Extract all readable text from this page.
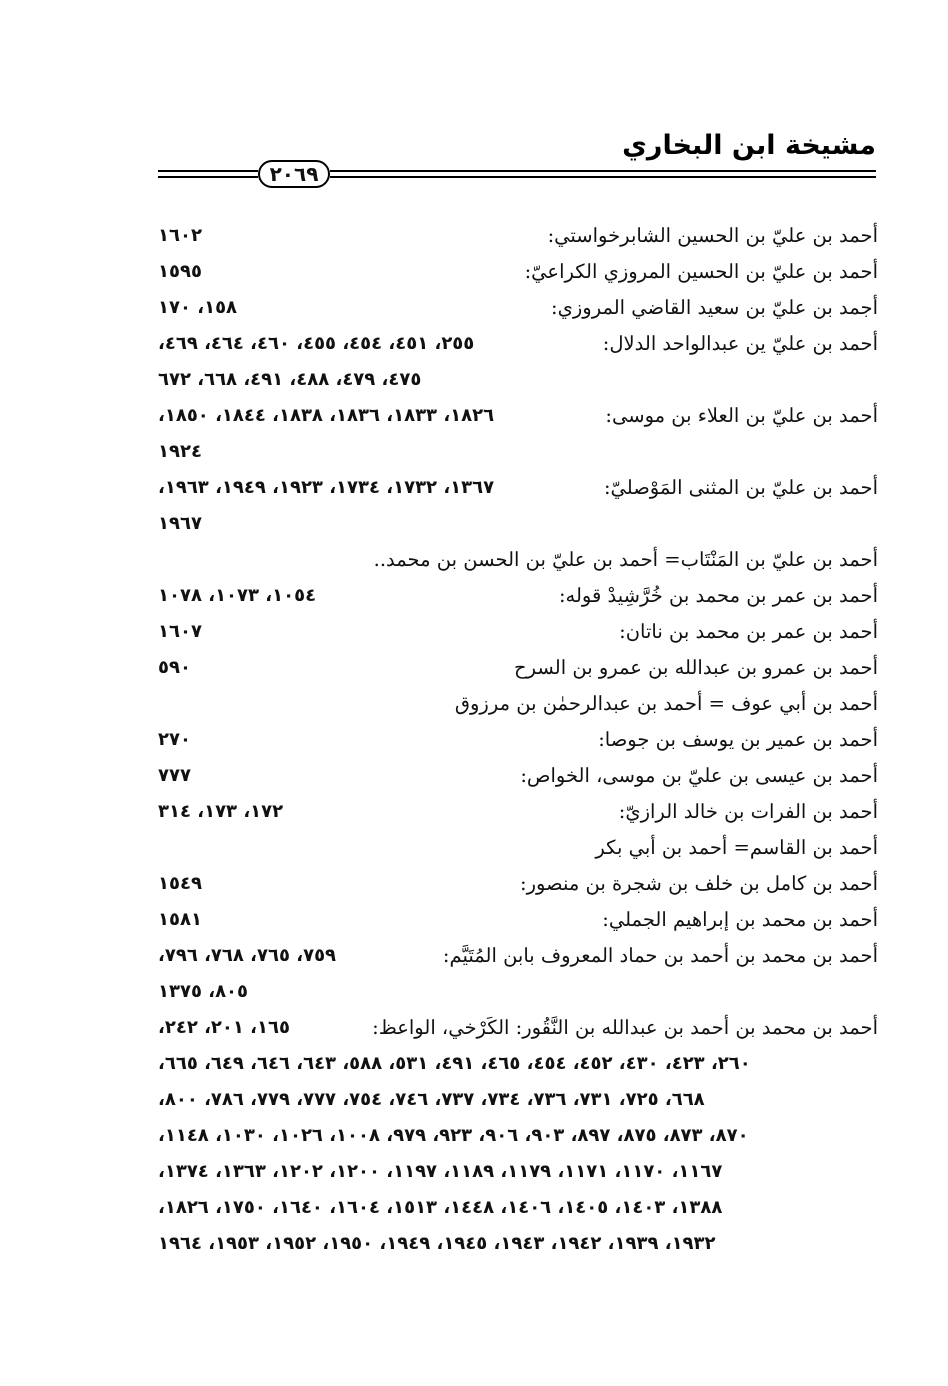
مشيخة ابن البخاري
٢٠٦٩
أحمد بن عليّ بن الحسين الشابرخواستي:
١٦٠٢
أحمد بن عليّ بن الحسين المروزي الكراعيّ:
١٥٩٥
أجمد بن عليّ بن سعيد القاضي المروزي:
١٥٨، ١٧٠
أحمد بن عليّ ين عبدالواحد الدلال:
٢٥٥، ٤٥١، ٤٥٤، ٤٥٥، ٤٦٠، ٤٦٤، ٤٦٩،
٤٧٥، ٤٧٩، ٤٨٨، ٤٩١، ٦٦٨، ٦٧٢
أحمد بن عليّ بن العلاء بن موسى:
١٨٢٦، ١٨٣٣، ١٨٣٦، ١٨٣٨، ١٨٤٤، ١٨٥٠،
١٩٢٤
أحمد بن عليّ بن المثنى المَوْصليّ:
١٣٦٧، ١٧٣٢، ١٧٣٤، ١٩٢٣، ١٩٤٩، ١٩٦٣،
١٩٦٧
أحمد بن عليّ بن المَنْتَاب= أحمد بن عليّ بن الحسن بن محمد..
أحمد بن عمر بن محمد بن خُرَّشِيدْ قوله:
١٠٥٤، ١٠٧٣، ١٠٧٨
أحمد بن عمر بن محمد بن ناتان:
١٦٠٧
أحمد بن عمرو بن عبدالله بن عمرو بن السرح
٥٩٠
أحمد بن أبي عوف = أحمد بن عبدالرحمٰن بن مرزوق
أحمد بن عمير بن يوسف بن جوصا:
٢٧٠
أحمد بن عيسى بن عليّ بن موسى، الخواص:
٧٧٧
أحمد بن الفرات بن خالد الرازيّ:
١٧٢، ١٧٣، ٣١٤
أحمد بن القاسم= أحمد بن أبي بكر
أحمد بن كامل بن خلف بن شجرة بن منصور:
١٥٤٩
أحمد بن محمد بن إبراهيم الجملي:
١٥٨١
أحمد بن محمد بن أحمد بن حماد المعروف بابن المُتَيَّم:
٧٥٩، ٧٦٥، ٧٦٨، ٧٩٦،
٨٠٥، ١٣٧٥
أحمد بن محمد بن أحمد بن عبدالله بن النَّقُور: الكَرْخي، الواعظ:
١٦٥، ٢٠١، ٢٤٢،
٢٦٠، ٤٢٣، ٤٣٠، ٤٥٢، ٤٥٤، ٤٦٥، ٤٩١، ٥٣١، ٥٨٨، ٦٤٣، ٦٤٦، ٦٤٩، ٦٦٥،
٦٦٨، ٧٢٥، ٧٣١، ٧٣٦، ٧٣٤، ٧٣٧، ٧٤٦، ٧٥٤، ٧٧٧، ٧٧٩، ٧٨٦، ٨٠٠،
٨٧٠، ٨٧٣، ٨٧٥، ٨٩٧، ٩٠٣، ٩٠٦، ٩٢٣، ٩٧٩، ١٠٠٨، ١٠٢٦، ١٠٣٠، ١١٤٨،
١١٦٧، ١١٧٠، ١١٧١، ١١٧٩، ١١٨٩، ١١٩٧، ١٢٠٠، ١٢٠٢، ١٣٦٣، ١٣٧٤،
١٣٨٨، ١٤٠٣، ١٤٠٥، ١٤٠٦، ١٤٤٨، ١٥١٣، ١٦٠٤، ١٦٤٠، ١٧٥٠، ١٨٢٦،
١٩٣٢، ١٩٣٩، ١٩٤٢، ١٩٤٣، ١٩٤٥، ١٩٤٩، ١٩٥٠، ١٩٥٢، ١٩٥٣، ١٩٦٤
